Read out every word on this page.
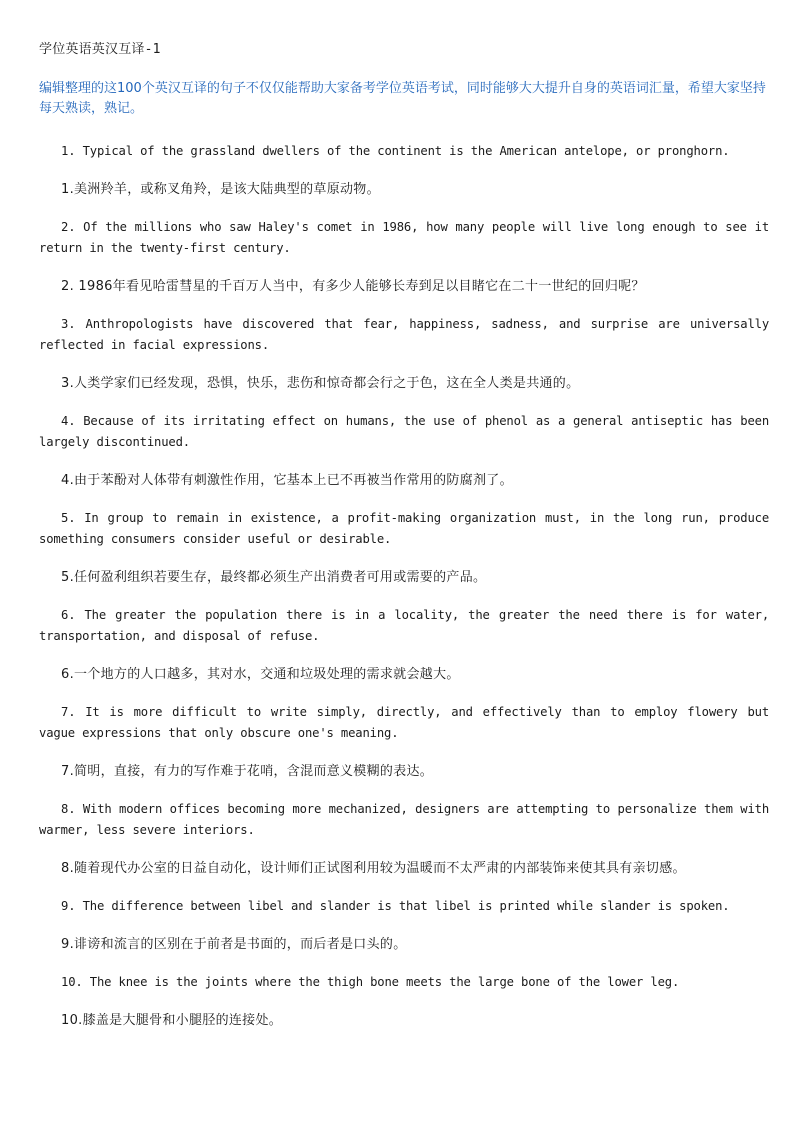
学位英语英汉互译-1
编辑整理的这100个英汉互译的句子不仅仅能帮助大家备考学位英语考试，同时能够大大提升自身的英语词汇量，希望大家坚持每天熟读，熟记。

1. Typical of the grassland dwellers of the continent is the American antelope, or pronghorn.

1.美洲羚羊，或称叉角羚，是该大陆典型的草原动物。

2. Of the millions who saw Haley's comet in 1986, how many people will live long enough to see it return in the twenty-first century.

2. 1986年看见哈雷彗星的千百万人当中，有多少人能够长寿到足以目睹它在二十一世纪的回归呢？

3. Anthropologists have discovered that fear, happiness, sadness, and surprise are universally reflected in facial expressions.

3.人类学家们已经发现，恐惧，快乐，悲伤和惊奇都会行之于色，这在全人类是共通的。

4. Because of its irritating effect on humans, the use of phenol as a general antiseptic has been largely discontinued.

4.由于苯酚对人体带有刺激性作用，它基本上已不再被当作常用的防腐剂了。

5. In group to remain in existence, a profit-making organization must, in the long run, produce something consumers consider useful or desirable.

5.任何盈利组织若要生存，最终都必须生产出消费者可用或需要的产品。

6. The greater the population there is in a locality, the greater the need there is for water, transportation, and disposal of refuse.

6.一个地方的人口越多，其对水，交通和垃圾处理的需求就会越大。

7. It is more difficult to write simply, directly, and effectively than to employ flowery but vague expressions that only obscure one's meaning.

7.简明，直接，有力的写作难于花哨，含混而意义模糊的表达。

8. With modern offices becoming more mechanized, designers are attempting to personalize them with warmer, less severe interiors.

8.随着现代办公室的日益自动化，设计师们正试图利用较为温暖而不太严肃的内部装饰来使其具有亲切感。

9. The difference between libel and slander is that libel is printed while slander is spoken.

9.诽谤和流言的区别在于前者是书面的，而后者是口头的。

10. The knee is the joints where the thigh bone meets the large bone of the lower leg.

10.膝盖是大腿骨和小腿胫的连接处。
